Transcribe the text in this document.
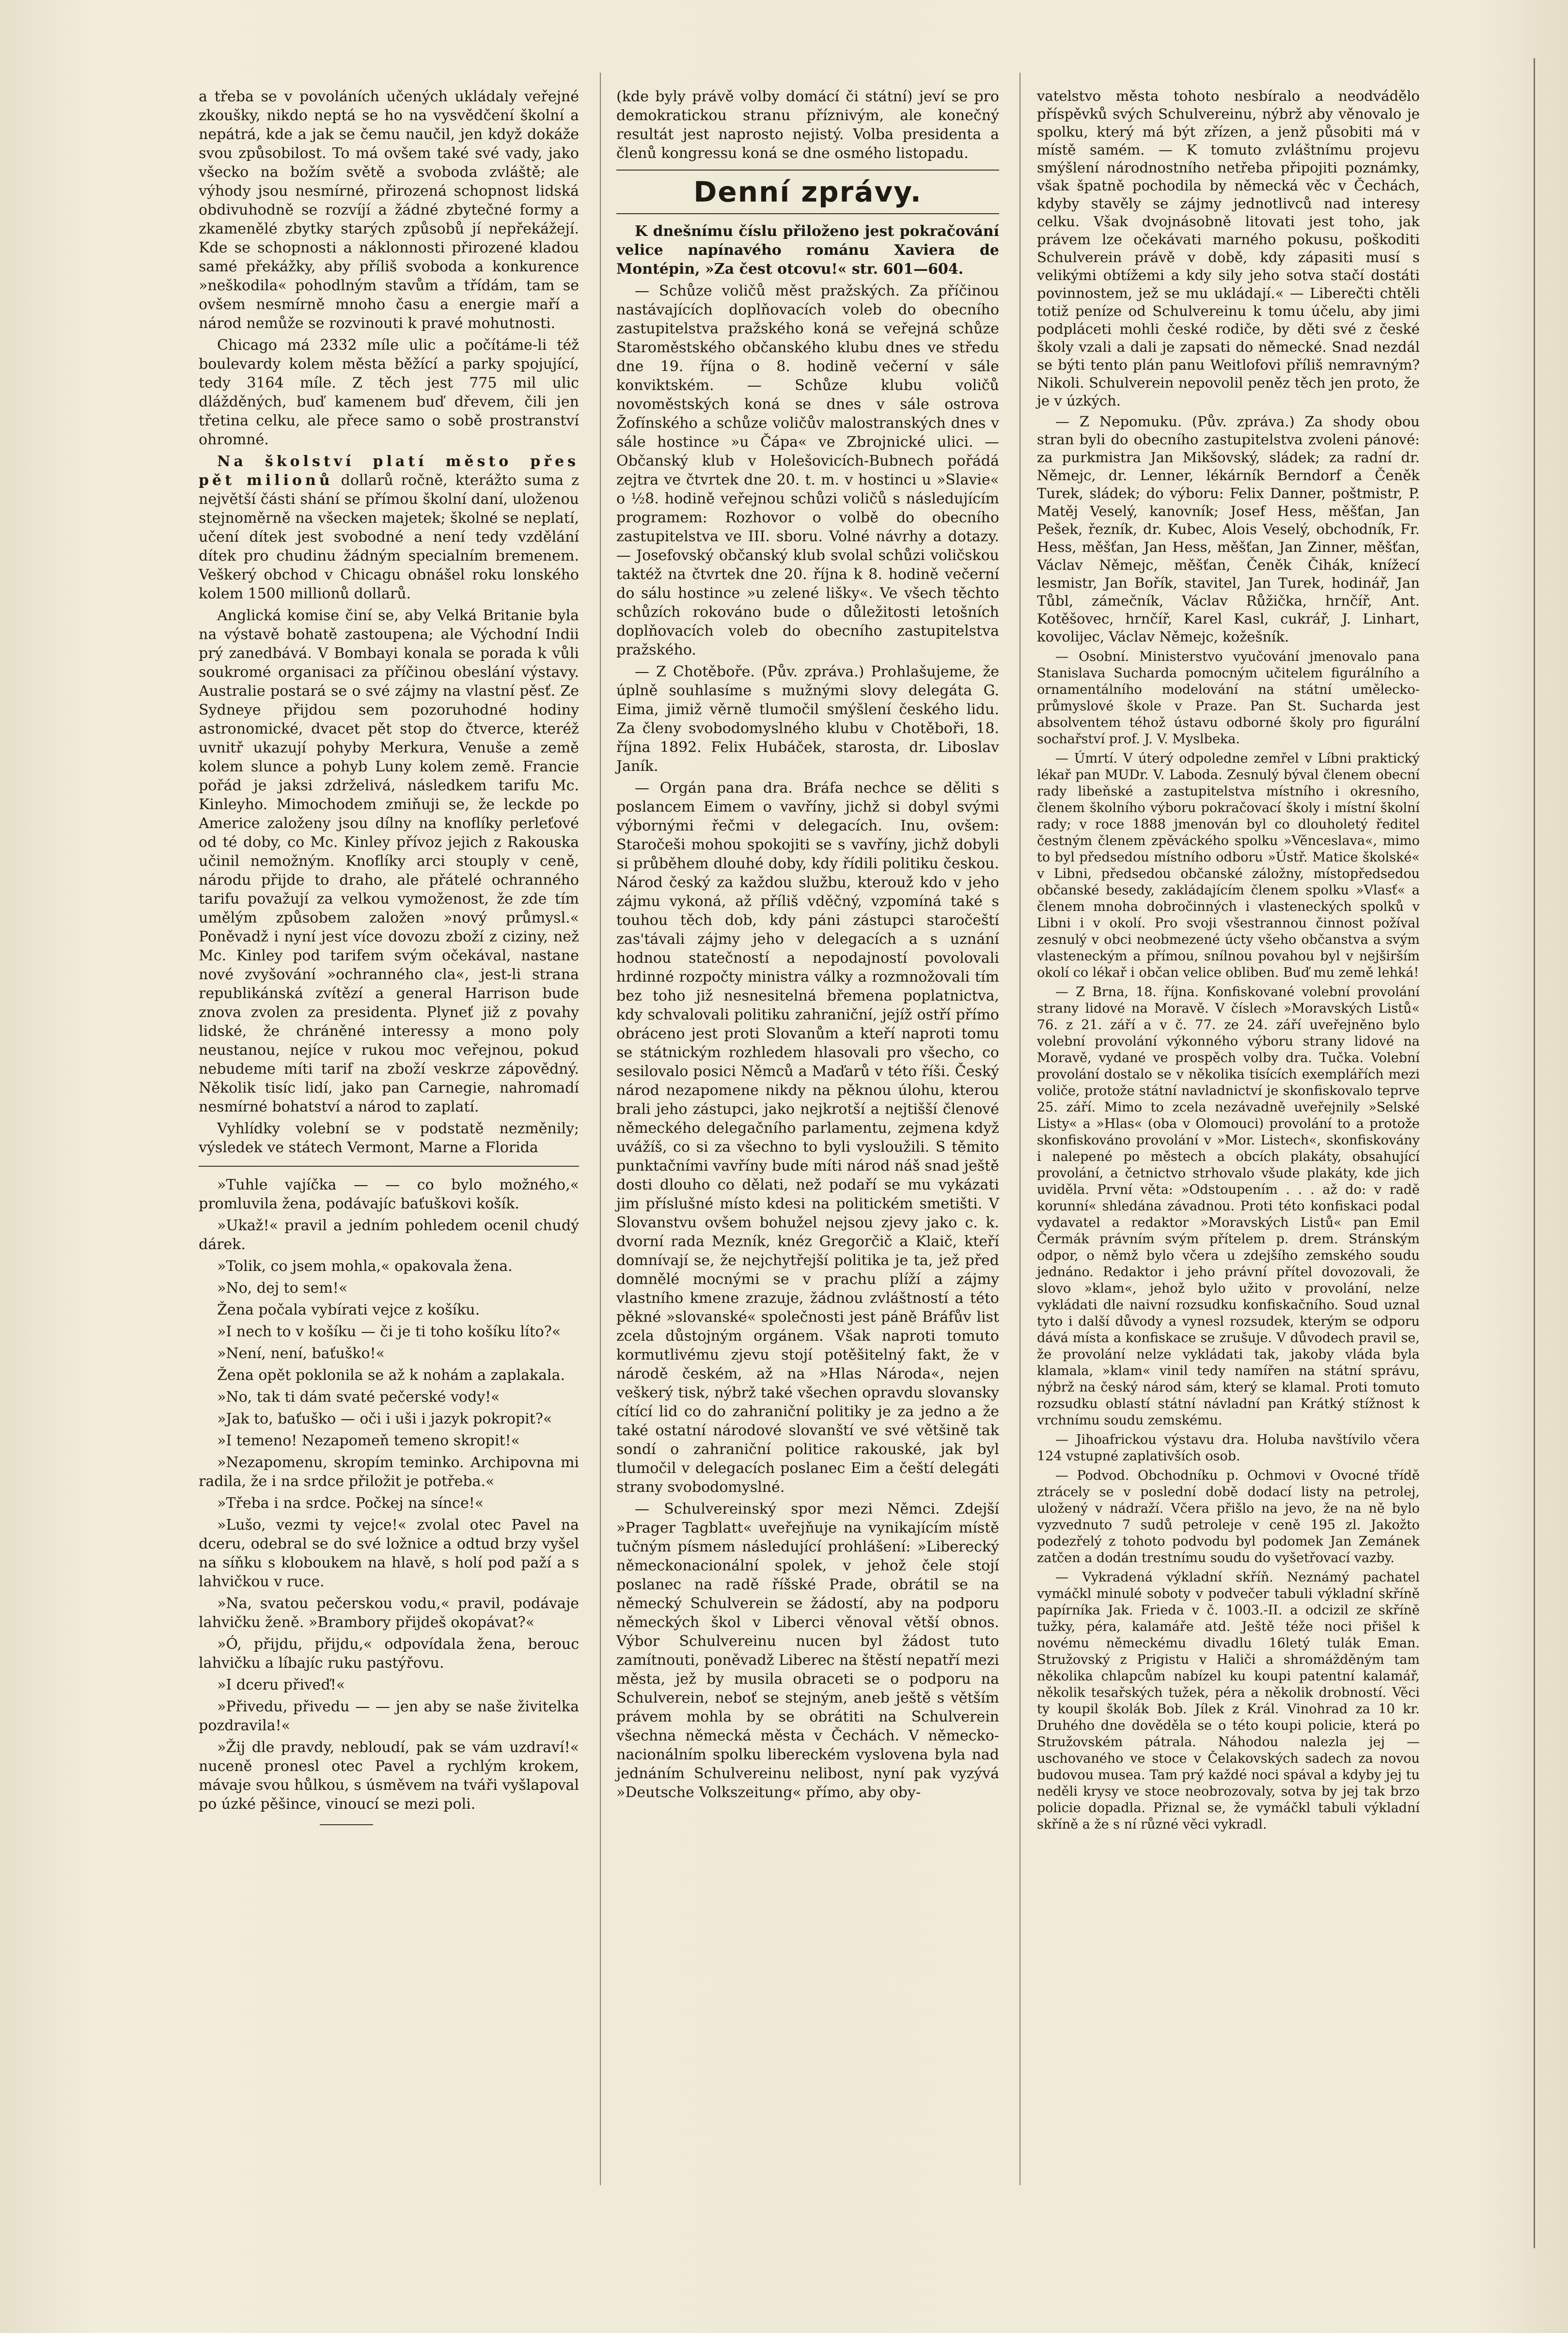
a třeba se v povoláních učených ukládaly veřejné zkoušky, nikdo neptá se ho na vysvědčení školní a nepátrá, kde a jak se čemu naučil, jen když dokáže svou způsobilost. To má ovšem také své vady, jako všecko na božím světě a svoboda zvláště; ale výhody jsou nesmírné, přirozená schopnost lidská obdivuhodně se rozvíjí a žádné zbytečné formy a zkamenělé zbytky starých způsobů jí nepřekážejí. Kde se schopnosti a náklonnosti přirozené kladou samé překážky, aby příliš svoboda a konkurence »neškodila« pohodlným stavům a třídám, tam se ovšem nesmírně mnoho času a energie maří a národ nemůže se rozvinouti k pravé mohutnosti.

Chicago má 2332 míle ulic a počítáme-li též boulevardy kolem města běžící a parky spojující, tedy 3164 míle. Z těch jest 775 mil ulic dlážděných, buď kamenem buď dřevem, čili jen třetina celku, ale přece samo o sobě prostranství ohromné.

Na školství platí město přes pět milionů dollarů ročně, kterážto suma z největší části shání se přímou školní daní, uloženou stejnoměrně na všecken majetek; školné se neplatí, učení dítek jest svobodné a není tedy vzdělání dítek pro chudinu žádným specialním bremenem. Veškerý obchod v Chicagu obnášel roku lonského kolem 1500 millionů dollarů.

Anglická komise činí se, aby Velká Britanie byla na výstavě bohatě zastoupena; ale Východní Indii prý zanedbává. V Bombayi konala se porada k vůli soukromé organisaci za příčinou obeslání výstavy. Australie postará se o své zájmy na vlastní pěsť. Ze Sydneye přijdou sem pozoruhodné hodiny astronomické, dvacet pět stop do čtverce, kteréž uvnitř ukazují pohyby Merkura, Venuše a země kolem slunce a pohyb Luny kolem země. Francie pořád je jaksi zdrželivá, následkem tarifu Mc. Kinleyho. Mimochodem zmiňuji se, že leckde po Americe založeny jsou dílny na knoflíky perleťové od té doby, co Mc. Kinley přívoz jejich z Rakouska učinil nemožným. Knoflíky arci stouply v ceně, národu přijde to draho, ale přátelé ochranného tarifu považují za velkou vymoženost, že zde tím umělým způsobem založen »nový průmysl.« Poněvadž i nyní jest více dovozu zboží z ciziny, než Mc. Kinley pod tarifem svým očekával, nastane nové zvyšování »ochranného cla«, jest-li strana republikánská zvítězí a general Harrison bude znova zvolen za presidenta. Plyneť již z povahy lidské, že chráněné interessy a mono poly neustanou, nejíce v rukou moc veřejnou, pokud nebudeme míti tarif na zboží veskrze zápovědný. Několik tisíc lidí, jako pan Carnegie, nahromadí nesmírné bohatství a národ to zaplatí.

Vyhlídky volební se v podstatě nezměnily; výsledek ve státech Vermont, Marne a Florida

»Tuhle vajíčka — — co bylo možného,« promluvila žena, podávajíc baťuškovi košík.

»Ukaž!« pravil a jedním pohledem ocenil chudý dárek.

»Tolik, co jsem mohla,« opakovala žena.

»No, dej to sem!«

Žena počala vybírati vejce z košíku.

»I nech to v košíku — či je ti toho košíku líto?«

»Není, není, baťuško!«

Žena opět poklonila se až k nohám a zaplakala.

»No, tak ti dám svaté pečerské vody!«

»Jak to, baťuško — oči i uši i jazyk pokropit?«

»I temeno! Nezapomeň temeno skropit!«

»Nezapomenu, skropím teminko. Archipovna mi radila, že i na srdce přiložit je potřeba.«

»Třeba i na srdce. Počkej na sínce!«

»Lušo, vezmi ty vejce!« zvolal otec Pavel na dceru, odebral se do své ložnice a odtud brzy vyšel na síňku s kloboukem na hlavě, s holí pod paží a s lahvičkou v ruce.

»Na, svatou pečerskou vodu,« pravil, podávaje lahvičku ženě. »Brambory přijdeš okopávat?«

»Ó, přijdu, přijdu,« odpovídala žena, berouc lahvičku a líbajíc ruku pastýřovu.

»I dceru přiveď!«

»Přivedu, přivedu — — jen aby se naše živitelka pozdravila!«

»Žij dle pravdy, nebloudí, pak se vám uzdraví!« nuceně pronesl otec Pavel a rychlým krokem, mávaje svou hůlkou, s úsměvem na tváři vyšlapoval po úzké pěšince, vinoucí se mezi poli.

(kde byly právě volby domácí či státní) jeví se pro demokratickou stranu příznivým, ale konečný resultát jest naprosto nejistý. Volba presidenta a členů kongressu koná se dne osmého listopadu.

Denní zprávy.

K dnešnímu číslu přiloženo jest pokračování velice napínavého románu Xaviera de Montépin, »Za čest otcovu!« str. 601—604.

— Schůze voličů měst pražských. Za příčinou nastávajících doplňovacích voleb do obecního zastupitelstva pražského koná se veřejná schůze Staroměstského občanského klubu dnes ve středu dne 19. října o 8. hodině večerní v sále konviktském. — Schůze klubu voličů novoměstských koná se dnes v sále ostrova Žofínského a schůze voličův malostranských dnes v sále hostince »u Čápa« ve Zbrojnické ulici. — Občanský klub v Holešovicích-Bubnech pořádá zejtra ve čtvrtek dne 20. t. m. v hostinci u »Slavie« o ½8. hodině veřejnou schůzi voličů s následujícím programem: Rozhovor o volbě do obecního zastupitelstva ve III. sboru. Volné návrhy a dotazy. — Josefovský občanský klub svolal schůzi voličskou taktéž na čtvrtek dne 20. října k 8. hodině večerní do sálu hostince »u zelené lišky«. Ve všech těchto schůzích rokováno bude o důležitosti letošních doplňovacích voleb do obecního zastupitelstva pražského.

— Z Chotěboře. (Pův. zpráva.) Prohlašujeme, že úplně souhlasíme s mužnými slovy delegáta G. Eima, jimiž věrně tlumočil smýšlení českého lidu. Za členy svobodomyslného klubu v Chotěboři, 18. října 1892. Felix Hubáček, starosta, dr. Liboslav Janík.

— Orgán pana dra. Bráfa nechce se děliti s poslancem Eimem o vavříny, jichž si dobyl svými výbornými řečmi v delegacích. Inu, ovšem: Staročeši mohou spokojiti se s vavříny, jichž dobyli si průběhem dlouhé doby, kdy řídili politiku českou. Národ český za každou službu, kterouž kdo v jeho zájmu vykoná, až příliš vděčný, vzpomíná také s touhou těch dob, kdy páni zástupci staročeští zas'távali zájmy jeho v delegacích a s uznání hodnou statečností a nepodajností povolovali hrdinné rozpočty ministra války a rozmnožovali tím bez toho již nesnesitelná břemena poplatnictva, kdy schvalovali politiku zahraniční, jejíž ostří přímo obráceno jest proti Slovanům a kteří naproti tomu se státnickým rozhledem hlasovali pro všecho, co sesilovalo posici Němců a Maďarů v této říši. Český národ nezapomene nikdy na pěknou úlohu, kterou brali jeho zástupci, jako nejkrotší a nejtišší členové německého delegačního parlamentu, zejmena když uvážíš, co si za všechno to byli vysloužili. S těmito punktačními vavříny bude míti národ náš snad ještě dosti dlouho co dělati, než podaří se mu vykázati jim příslušné místo kdesi na politickém smetišti. V Slovanstvu ovšem bohužel nejsou zjevy jako c. k. dvorní rada Mezník, knéz Gregorčič a Klaič, kteří domnívají se, že nejchytřejší politika je ta, jež před domnělé mocnými se v prachu plíží a zájmy vlastního kmene zrazuje, žádnou zvláštností a této pěkné »slovanské« společnosti jest páně Bráfův list zcela důstojným orgánem. Však naproti tomuto kormutlivému zjevu stojí potěšitelný fakt, že v národě českém, až na »Hlas Národa«, nejen veškerý tisk, nýbrž také všechen opravdu slovansky cítící lid co do zahraniční politiky je za jedno a že také ostatní národové slovanští ve své většině tak sondí o zahraniční politice rakouské, jak byl tlumočil v delegacích poslanec Eim a čeští delegáti strany svobodomyslné.

— Schulvereinský spor mezi Němci. Zdejší »Prager Tagblatt« uveřejňuje na vynikajícím místě tučným písmem následující prohlášení: »Liberecký německonacionální spolek, v jehož čele stojí poslanec na radě říšské Prade, obrátil se na německý Schulverein se žádostí, aby na podporu německých škol v Liberci věnoval větší obnos. Výbor Schulvereinu nucen byl žádost tuto zamítnouti, poněvadž Liberec na štěstí nepatří mezi města, jež by musila obraceti se o podporu na Schulverein, neboť se stejným, aneb ještě s větším právem mohla by se obrátiti na Schulverein všechna německá města v Čechách. V německo-nacionálním spolku libereckém vyslovena byla nad jednáním Schulvereinu nelibost, nyní pak vyzývá »Deutsche Volkszeitung« přímo, aby oby-

vatelstvo města tohoto nesbíralo a neodvádělo příspěvků svých Schulvereinu, nýbrž aby věnovalo je spolku, který má být zřízen, a jenž působiti má v místě samém. — K tomuto zvláštnímu projevu smýšlení národnostního netřeba připojiti poznámky, však špatně pochodila by německá věc v Čechách, kdyby stavěly se zájmy jednotlivců nad interesy celku. Však dvojnásobně litovati jest toho, jak právem lze očekávati marného pokusu, poškoditi Schulverein právě v době, kdy zápasiti musí s velikými obtížemi a kdy sily jeho sotva stačí dostáti povinnostem, jež se mu ukládají.« — Liberečti chtěli totiž peníze od Schulvereinu k tomu účelu, aby jimi podpláceti mohli české rodiče, by děti své z české školy vzali a dali je zapsati do německé. Snad nezdál se býti tento plán panu Weitlofovi příliš nemravným? Nikoli. Schulverein nepovolil peněz těch jen proto, že je v úzkých.

— Z Nepomuku. (Pův. zpráva.) Za shody obou stran byli do obecního zastupitelstva zvoleni pánové: za purkmistra Jan Mikšovský, sládek; za radní dr. Němejc, dr. Lenner, lékárník Berndorf a Čeněk Turek, sládek; do výboru: Felix Danner, poštmistr, P. Matěj Veselý, kanovník; Josef Hess, měšťan, Jan Pešek, řezník, dr. Kubec, Alois Veselý, obchodník, Fr. Hess, měšťan, Jan Hess, měšťan, Jan Zinner, měšťan, Václav Němejc, měšťan, Čeněk Čihák, knížecí lesmistr, Jan Bořík, stavitel, Jan Turek, hodinář, Jan Tůbl, zámečník, Václav Růžička, hrnčíř, Ant. Kotěšovec, hrnčíř, Karel Kasl, cukrář, J. Linhart, kovolijec, Václav Němejc, kožešník.

— Osobní. Ministerstvo vyučování jmenovalo pana Stanislava Sucharda pomocným učitelem figurálního a ornamentálního modelování na státní umělecko-průmyslové škole v Praze. Pan St. Sucharda jest absolventem téhož ústavu odborné školy pro figurální sochařství prof. J. V. Myslbeka.

— Úmrtí. V úterý odpoledne zemřel v Líbni praktický lékař pan MUDr. V. Laboda. Zesnulý býval členem obecní rady libeňské a zastupitelstva místního i okresního, členem školního výboru pokračovací školy i místní školní rady; v roce 1888 jmenován byl co dlouholetý ředitel čestným členem zpěváckého spolku »Věnceslava«, mimo to byl předsedou místního odboru »Ústř. Matice školské« v Libni, předsedou občanské záložny, místopředsedou občanské besedy, zakládajícím členem spolku »Vlasť« a členem mnoha dobročinných i vlasteneckých spolků v Libni i v okolí. Pro svoji všestrannou činnost požíval zesnulý v obci neobmezené úcty všeho občanstva a svým vlasteneckým a přímou, snílnou povahou byl v nejširším okolí co lékař i občan velice obliben. Buď mu země lehká!

— Z Brna, 18. října. Konfiskované volební provolání strany lidové na Moravě. V číslech »Moravských Listů« 76. z 21. září a v č. 77. ze 24. září uveřejněno bylo volební provolání výkonného výboru strany lidové na Moravě, vydané ve prospěch volby dra. Tučka. Volební provolání dostalo se v několika tisících exemplářích mezi voliče, protože státní navladnictví je skonfiskovalo teprve 25. září. Mimo to zcela nezávadně uveřejnily »Selské Listy« a »Hlas« (oba v Olomouci) provolání to a protože skonfiskováno provolání v »Mor. Listech«, skonfiskovány i nalepené po městech a obcích plakáty, obsahující provolání, a četnictvo strhovalo všude plakáty, kde jich uviděla. První věta: »Odstoupením . . . až do: v radě korunní« shledána závadnou. Proti této konfiskaci podal vydavatel a redaktor »Moravských Listů« pan Emil Čermák právním svým přítelem p. drem. Stránským odpor, o němž bylo včera u zdejšího zemského soudu jednáno. Redaktor i jeho právní přítel dovozovali, že slovo »klam«, jehož bylo užito v provolání, nelze vykládati dle naivní rozsudku konfiskačního. Soud uznal tyto i další důvody a vynesl rozsudek, kterým se odporu dává místa a konfiskace se zrušuje. V důvodech pravil se, že provolání nelze vykládati tak, jakoby vláda byla klamala, »klam« vinil tedy namířen na státní správu, nýbrž na český národ sám, který se klamal. Proti tomuto rozsudku oblastí státní návladní pan Krátký stížnost k vrchnímu soudu zemskému.

— Jihoafrickou výstavu dra. Holuba navštívilo včera 124 vstupné zaplativších osob.

— Podvod. Obchodníku p. Ochmovi v Ovocné třídě ztrácely se v poslední době dodací listy na petrolej, uložený v nádraží. Včera přišlo na jevo, že na ně bylo vyzvednuto 7 sudů petroleje v ceně 195 zl. Jakožto podezřelý z tohoto podvodu byl podomek Jan Zemánek zatčen a dodán trestnímu soudu do vyšetřovací vazby.

— Vykradená výkladní skříň. Neznámý pachatel vymáčkl minulé soboty v podvečer tabuli výkladní skříně papírníka Jak. Frieda v č. 1003.-II. a odcizil ze skříně tužky, péra, kalamáře atd. Ještě téže noci přišel k novému německému divadlu 16letý tulák Eman. Stružovský z Prigistu v Haliči a shromážděným tam několika chlapcům nabízel ku koupi patentní kalamář, několik tesařských tužek, péra a několik drobností. Věci ty koupil školák Bob. Jílek z Král. Vinohrad za 10 kr. Druhého dne dověděla se o této koupi policie, která po Stružovském pátrala. Náhodou nalezla jej — uschovaného ve stoce v Čelakovských sadech za novou budovou musea. Tam prý každé noci spával a kdyby jej tu neděli krysy ve stoce neobrozovaly, sotva by jej tak brzo policie dopadla. Přiznal se, že vymáčkl tabuli výkladní skříně a že s ní různé věci vykradl.
